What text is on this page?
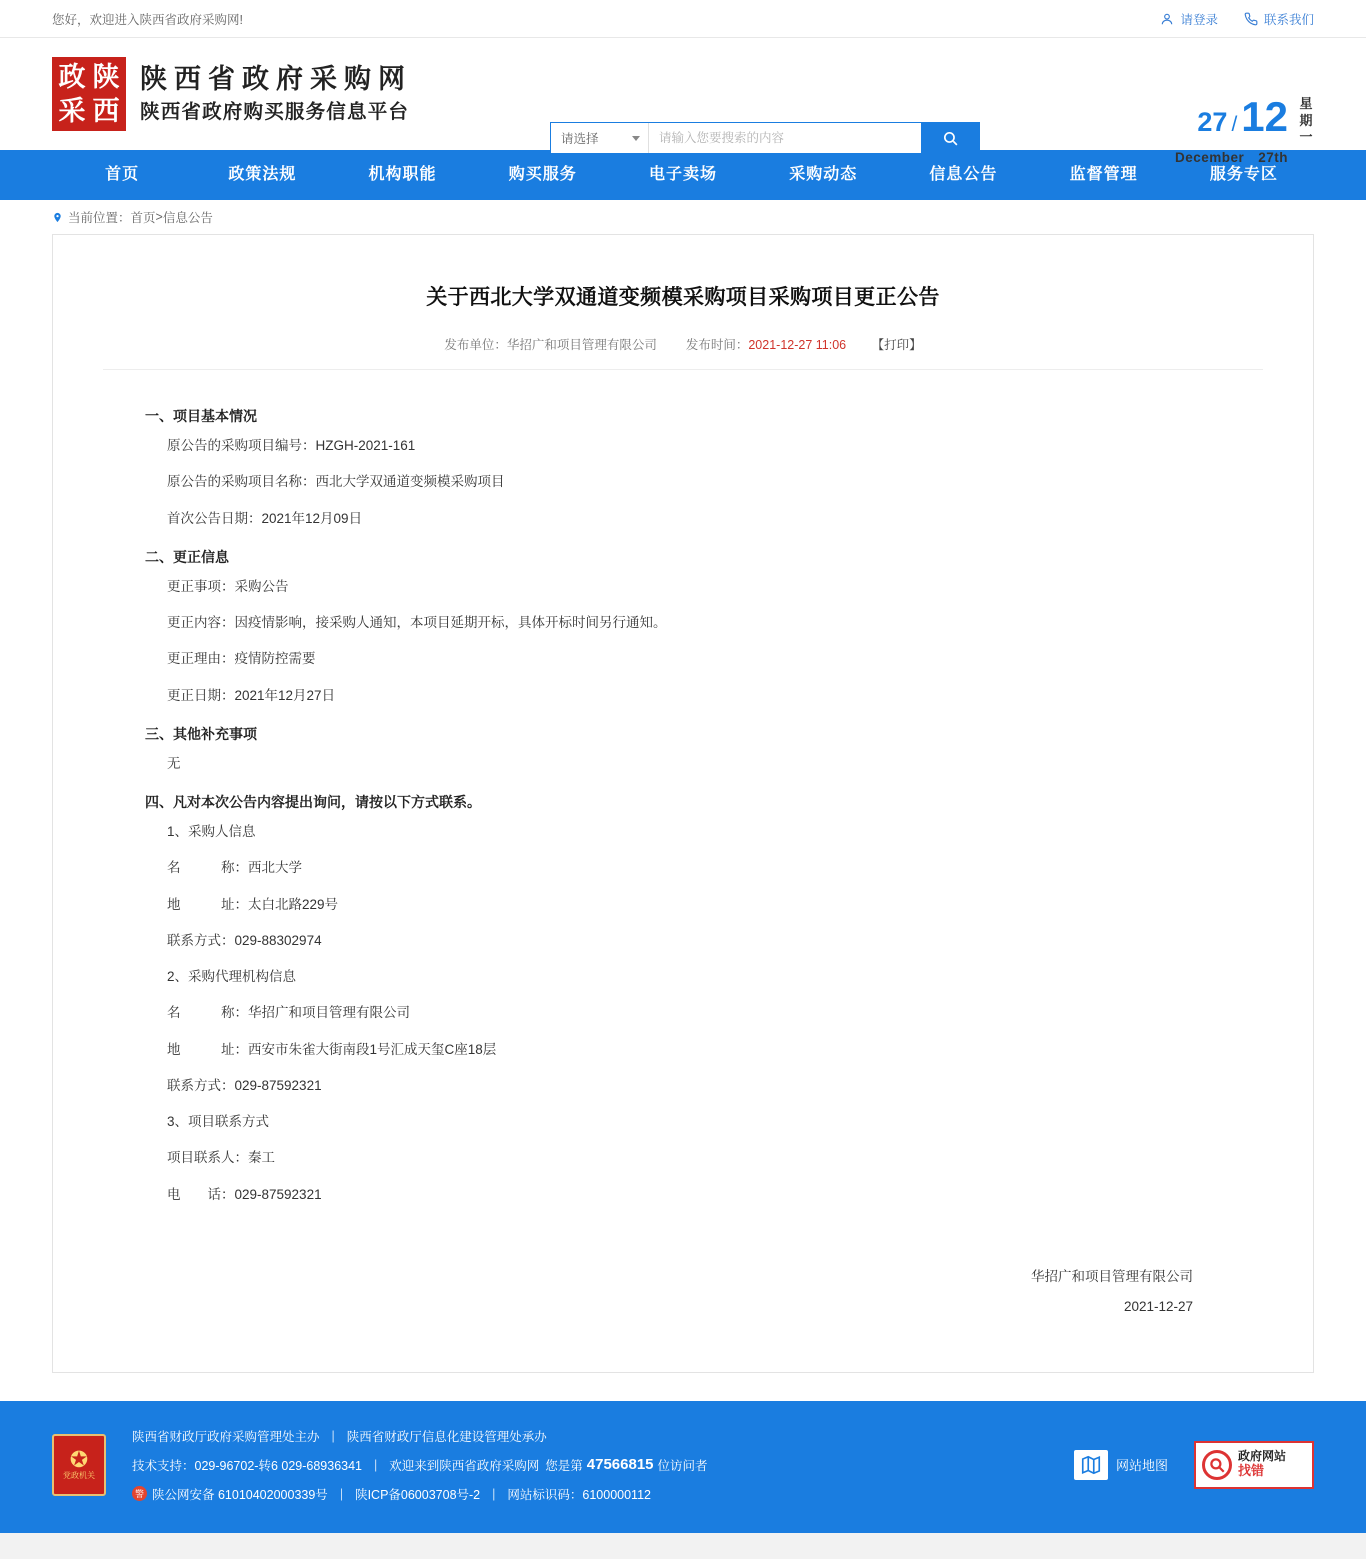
您好，欢迎进入陕西省政府采购网!	请登录	联系我们
政 陕
采 西
陕西省政府采购网
陕西省政府购买服务信息平台
请选择
请输入您要搜索的内容
27 / 12
December　27th
星期一
首页	政策法规	机构职能	购买服务	电子卖场	采购动态	信息公告	监督管理	服务专区
当前位置： 首页 > 信息公告
关于西北大学双通道变频模采购项目采购项目更正公告
发布单位：华招广和项目管理有限公司 发布时间：2021-12-27 11:06 【打印】
一、项目基本情况
原公告的采购项目编号：HZGH-2021-161
原公告的采购项目名称：西北大学双通道变频模采购项目
首次公告日期：2021年12月09日
二、更正信息
更正事项：采购公告
更正内容：因疫情影响，接采购人通知，本项目延期开标，具体开标时间另行通知。
更正理由：疫情防控需要
更正日期：2021年12月27日
三、其他补充事项
无
四、凡对本次公告内容提出询问，请按以下方式联系。
1、采购人信息
名　　　称：西北大学
地　　　址：太白北路229号
联系方式：029-88302974
2、采购代理机构信息
名　　　称：华招广和项目管理有限公司
地　　　址：西安市朱雀大街南段1号汇成天玺C座18层
联系方式：029-87592321
3、项目联系方式
项目联系人：秦工
电　　话：029-87592321
华招广和项目管理有限公司
2021-12-27
✪
党政机关
陕西省财政厅政府采购管理处主办 | 陕西省财政厅信息化建设管理处承办
技术支持：029-96702-转6 029-68936341 | 欢迎来到陕西省政府采购网 您是第 47566815 位访问者
警 陕公网安备 61010402000339号 | 陕ICP备06003708号-2 | 网站标识码：6100000112
网站地图
政府网站
找错
